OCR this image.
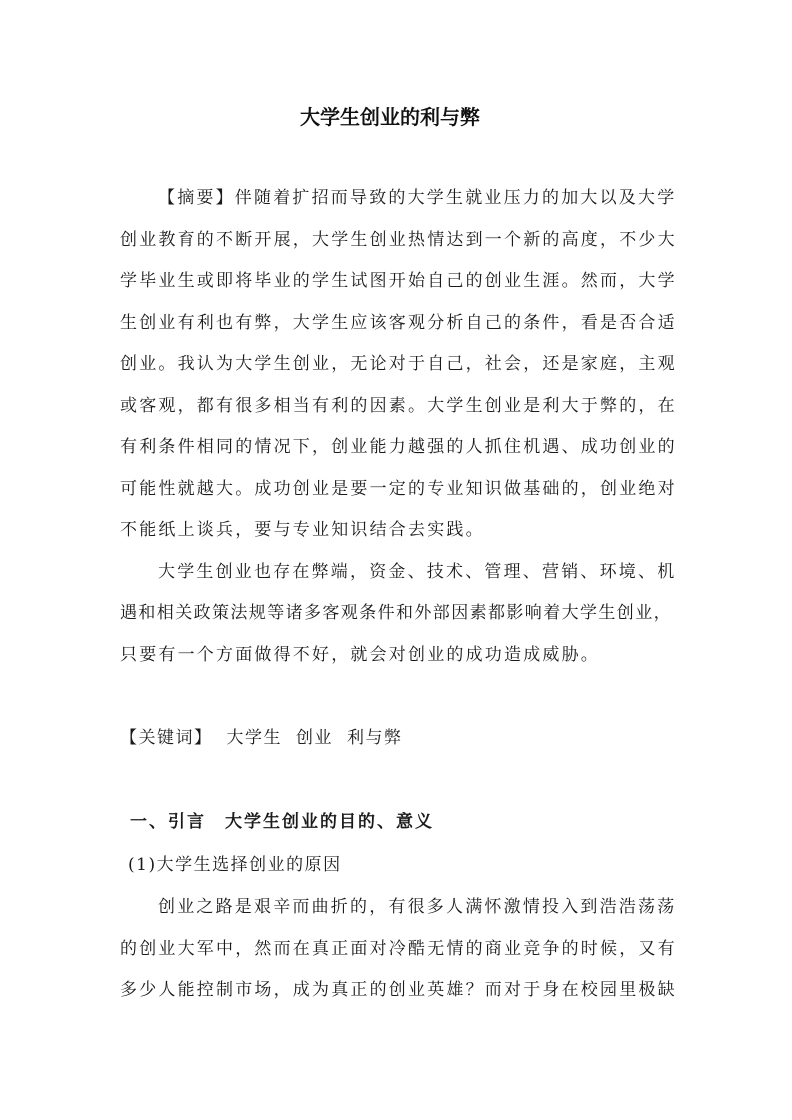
大学生创业的利与弊
【摘要】伴随着扩招而导致的大学生就业压力的加大以及大学
创业教育的不断开展，大学生创业热情达到一个新的高度，不少大
学毕业生或即将毕业的学生试图开始自己的创业生涯。然而，大学
生创业有利也有弊，大学生应该客观分析自己的条件，看是否合适
创业。我认为大学生创业，无论对于自己，社会，还是家庭，主观
或客观，都有很多相当有利的因素。大学生创业是利大于弊的，在
有利条件相同的情况下，创业能力越强的人抓住机遇、成功创业的
可能性就越大。成功创业是要一定的专业知识做基础的，创业绝对
不能纸上谈兵，要与专业知识结合去实践。
大学生创业也存在弊端，资金、技术、管理、营销、环境、机
遇和相关政策法规等诸多客观条件和外部因素都影响着大学生创业，
只要有一个方面做得不好，就会对创业的成功造成威胁。
【关键词】 大学生 创业 利与弊
一、引言　大学生创业的目的、意义
(1)大学生选择创业的原因
创业之路是艰辛而曲折的，有很多人满怀激情投入到浩浩荡荡
的创业大军中，然而在真正面对冷酷无情的商业竞争的时候，又有
多少人能控制市场，成为真正的创业英雄？而对于身在校园里极缺
